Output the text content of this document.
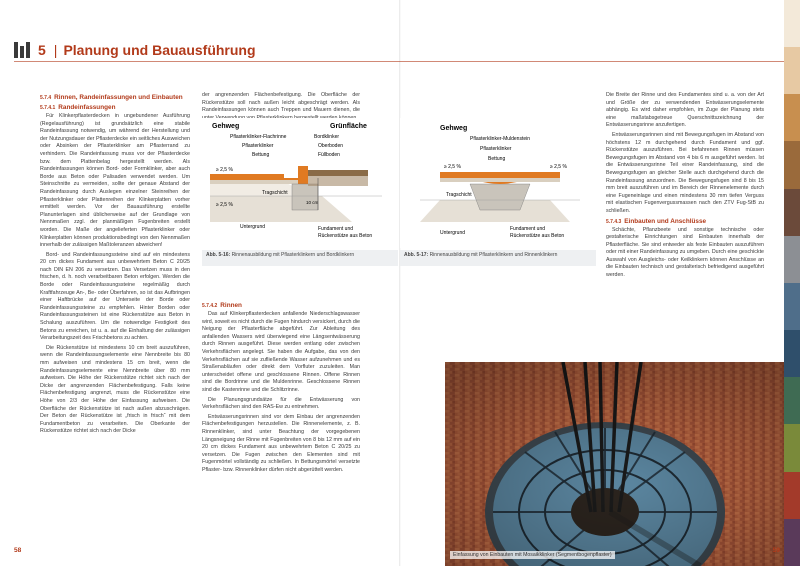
5 | Planung und Bauausführung
5.7.4 Rinnen, Randeinfassungen und Einbauten
5.7.4.1 Randeinfassungen

Für Klinkerpflasterdecken in ungebundener Ausführung (Regelausführung) ist grundsätzlich eine stabile Randeinfassung notwendig, um während der Herstellung und der Nutzungsdauer der Pflasterdecke ein seitliches Ausweichen oder Absinken der Pflasterklinker am Pflasterrand zu verhindern. Die Randeinfassung muss vor der Pflasterdecke bzw. dem Plattenbelag hergestellt werden. Als Randeinfassungen können Bord- oder Formklinker, aber auch Borde aus Beton oder Palisaden verwendet werden. Um Steinschnitte zu vermeiden, sollte der genaue Abstand der Randeinfassung durch Auslegen einzelner Steinreihen der Pflasterklinker oder Plattenreihen der Klinkerplatten vorher ermittelt werden. Vor der Bauausführung erstellte Planunterlagen sind üblicherweise auf der Grundlage von Nennmaßen zzgl. der planmäßigen Fugenbreiten erstellt worden. Die Maße der angelieferten Pflasterklinker oder Klinkerplatten können produktionsbedingt von den Nennmaßen innerhalb der zulässigen Maßtoleranzen abweichen!

Bord- und Randeinfassungssteine sind auf ein mindestens 20 cm dickes Fundament aus unbewehrtem Beton C 20/25 nach DIN EN 206 zu versetzen. Das Versetzen muss in den frischen, d. h. noch verarbeitbaren Beton erfolgen. Werden die Borde oder Randeinfassungssteine regelmäßig durch Kraftfahrzeuge An-, Be- oder Überfahren, so ist das Aufbringen einer Haftbrücke auf der Unterseite der Borde oder Randeinfassungssteine zu empfehlen. Hinter Borden oder Randeinfassungssteinen ist eine Rückenstütze aus Beton in Schalung auszuführen. Um die notwendige Festigkeit des Betons zu erreichen, ist u. a. auf die Einhaltung der zulässigen Verarbeitungszeit des Frischbetons zu achten.

Die Rückenstütze ist mindestens 10 cm breit auszuführen, wenn die Randeinfassungselemente eine Nennbreite bis 80 mm aufweisen und mindestens 15 cm breit, wenn die Randeinfassungselemente eine Nennbreite über 80 mm aufweisen. Die Höhe der Rückenstütze richtet sich nach der Dicke der angrenzenden Flächenbefestigung. Falls keine Flächenbefestigung angrenzt, muss die Rückenstütze eine Höhe von 2/3 der Höhe der Einfassung aufweisen. Die Oberfläche der Rückenstütze ist nach außen abzuschrägen. Der Beton der Rückenstütze ist „frisch in frisch“ mit dem Fundamentbeton zu verarbeiten. Die Oberkante der Rückenstütze richtet sich nach der Dicke

der angrenzenden Flächenbefestigung. Die Oberfläche der Rückenstütze soll nach außen leicht abgeschrägt werden. Als Randeinfassungen können auch Treppen und Mauern dienen, die

5.7.4.2 Rinnen

Das auf Klinkerpflasterdecken anfallende Niederschlagswasser wird, soweit es nicht durch die Fugen hindurch versickert, durch die Neigung der Pflasterfläche abgeführt. Zur Ableitung des anfallenden Wassers wird überwiegend eine Längsentwässerung durch Rinnen ausgeführt. Diese werden entlang oder zwischen Verkehrsflächen angelegt. Sie haben die Aufgabe, das von den Verkehrsflächen auf sie zufließende Wasser aufzunehmen und es Straßenabläufen oder direkt dem Vorfluter zuzuleiten. Man unterscheidet offene und geschlossene Rinnen. Offene Rinnen sind die Bordrinne und die Muldenrinne. Geschlossene Rinnen sind die Kastenrinne und die Schlitzrinne.

Die Planungsgrundsätze für die Entwässerung von Verkehrsflächen sind den RAS-Ew zu entnehmen.

Entwässerungsrinnen sind vor dem Einbau der angrenzenden Flächenbefestigungen herzustellen. Die Rinnenelemente, z. B. Rinnenklinker, sind unter Beachtung der vorgegebenen Längsneigung der Rinne mit Fugenbreiten von 8 bis 12 mm auf ein 20 cm dickes Fundament aus unbewehrtem Beton C 20/25 zu versetzen. Die Fugen zwischen den Elementen sind mit Fugenmörtel vollständig zu schließen. In Bettungsmörtel versetzte Pflaster- bzw. Rinnenklinker dürfen nicht abgerüttelt werden.

Gehweg	Grünfläche
Pflasterklinker-Flachrinne	Bordklinker
Pflasterklinker	Oberboden
Bettung	Füllboden
≥ 2,5 %
Tragschicht
≥ 2,5 %
Untergrund
10 cm
Fundament und
Rückenstütze aus Beton
Abb. 5-16: Rinnenausbildung mit Pflasterklinkern und Bordklinkern
Gehweg
Pflasterklinker-Muldenstein
Pflasterklinker
Bettung
≥ 2,5 %	≥ 2,5 %
Tragschicht
Untergrund
Fundament und
Rückenstütze aus Beton
Abb. 5-17: Rinnenausbildung mit Pflasterklinkern und Rinnenklinkern

Die Breite der Rinne und des Fundamentes sind u. a. von der Art und Größe der zu verwendenden Entwässerungselemente abhängig. Es wird daher empfohlen, im Zuge der Planung stets eine maßstabsgetreue Querschnittszeichnung der Entwässerungsrinne anzufertigen.

Entwässerungsrinnen sind mit Bewegungsfugen im Abstand von höchstens 12 m durchgehend durch Fundament und ggf. Rückenstütze auszuführen. Bei befahrenen Rinnen müssen Bewegungsfugen im Abstand von 4 bis 6 m ausgeführt werden. Ist die Entwässerungsrinne Teil einer Randeinfassung, sind die Bewegungsfugen an gleicher Stelle auch durchgehend durch die Randeinfassung anzuordnen. Die Bewegungsfugen sind 8 bis 15 mm breit auszuführen und im Bereich der Rinnenelemente durch eine Fugeneinlage und einen mindestens 30 mm tiefen Verguss mit elastischen Fugenvergussmassen nach den ZTV Fug-StB zu schließen.

5.7.4.3 Einbauten und Anschlüsse

Schächte, Pflanzbeete und sonstige technische oder gestalterische Einrichtungen sind Einbauten innerhalb der Pflasterfläche. Sie sind entweder als feste Einbauten auszuführen oder mit einer Randeinfassung zu umgeben. Durch eine geschickte Auswahl von Ausgleichs- oder Keilklinkern können Anschlüsse an die Einbauten technisch und gestalterisch befriedigend ausgeführt werden.

Einfassung von Einbauten mit Mosaikklinker (Segmentbogenpflaster)
58	59
